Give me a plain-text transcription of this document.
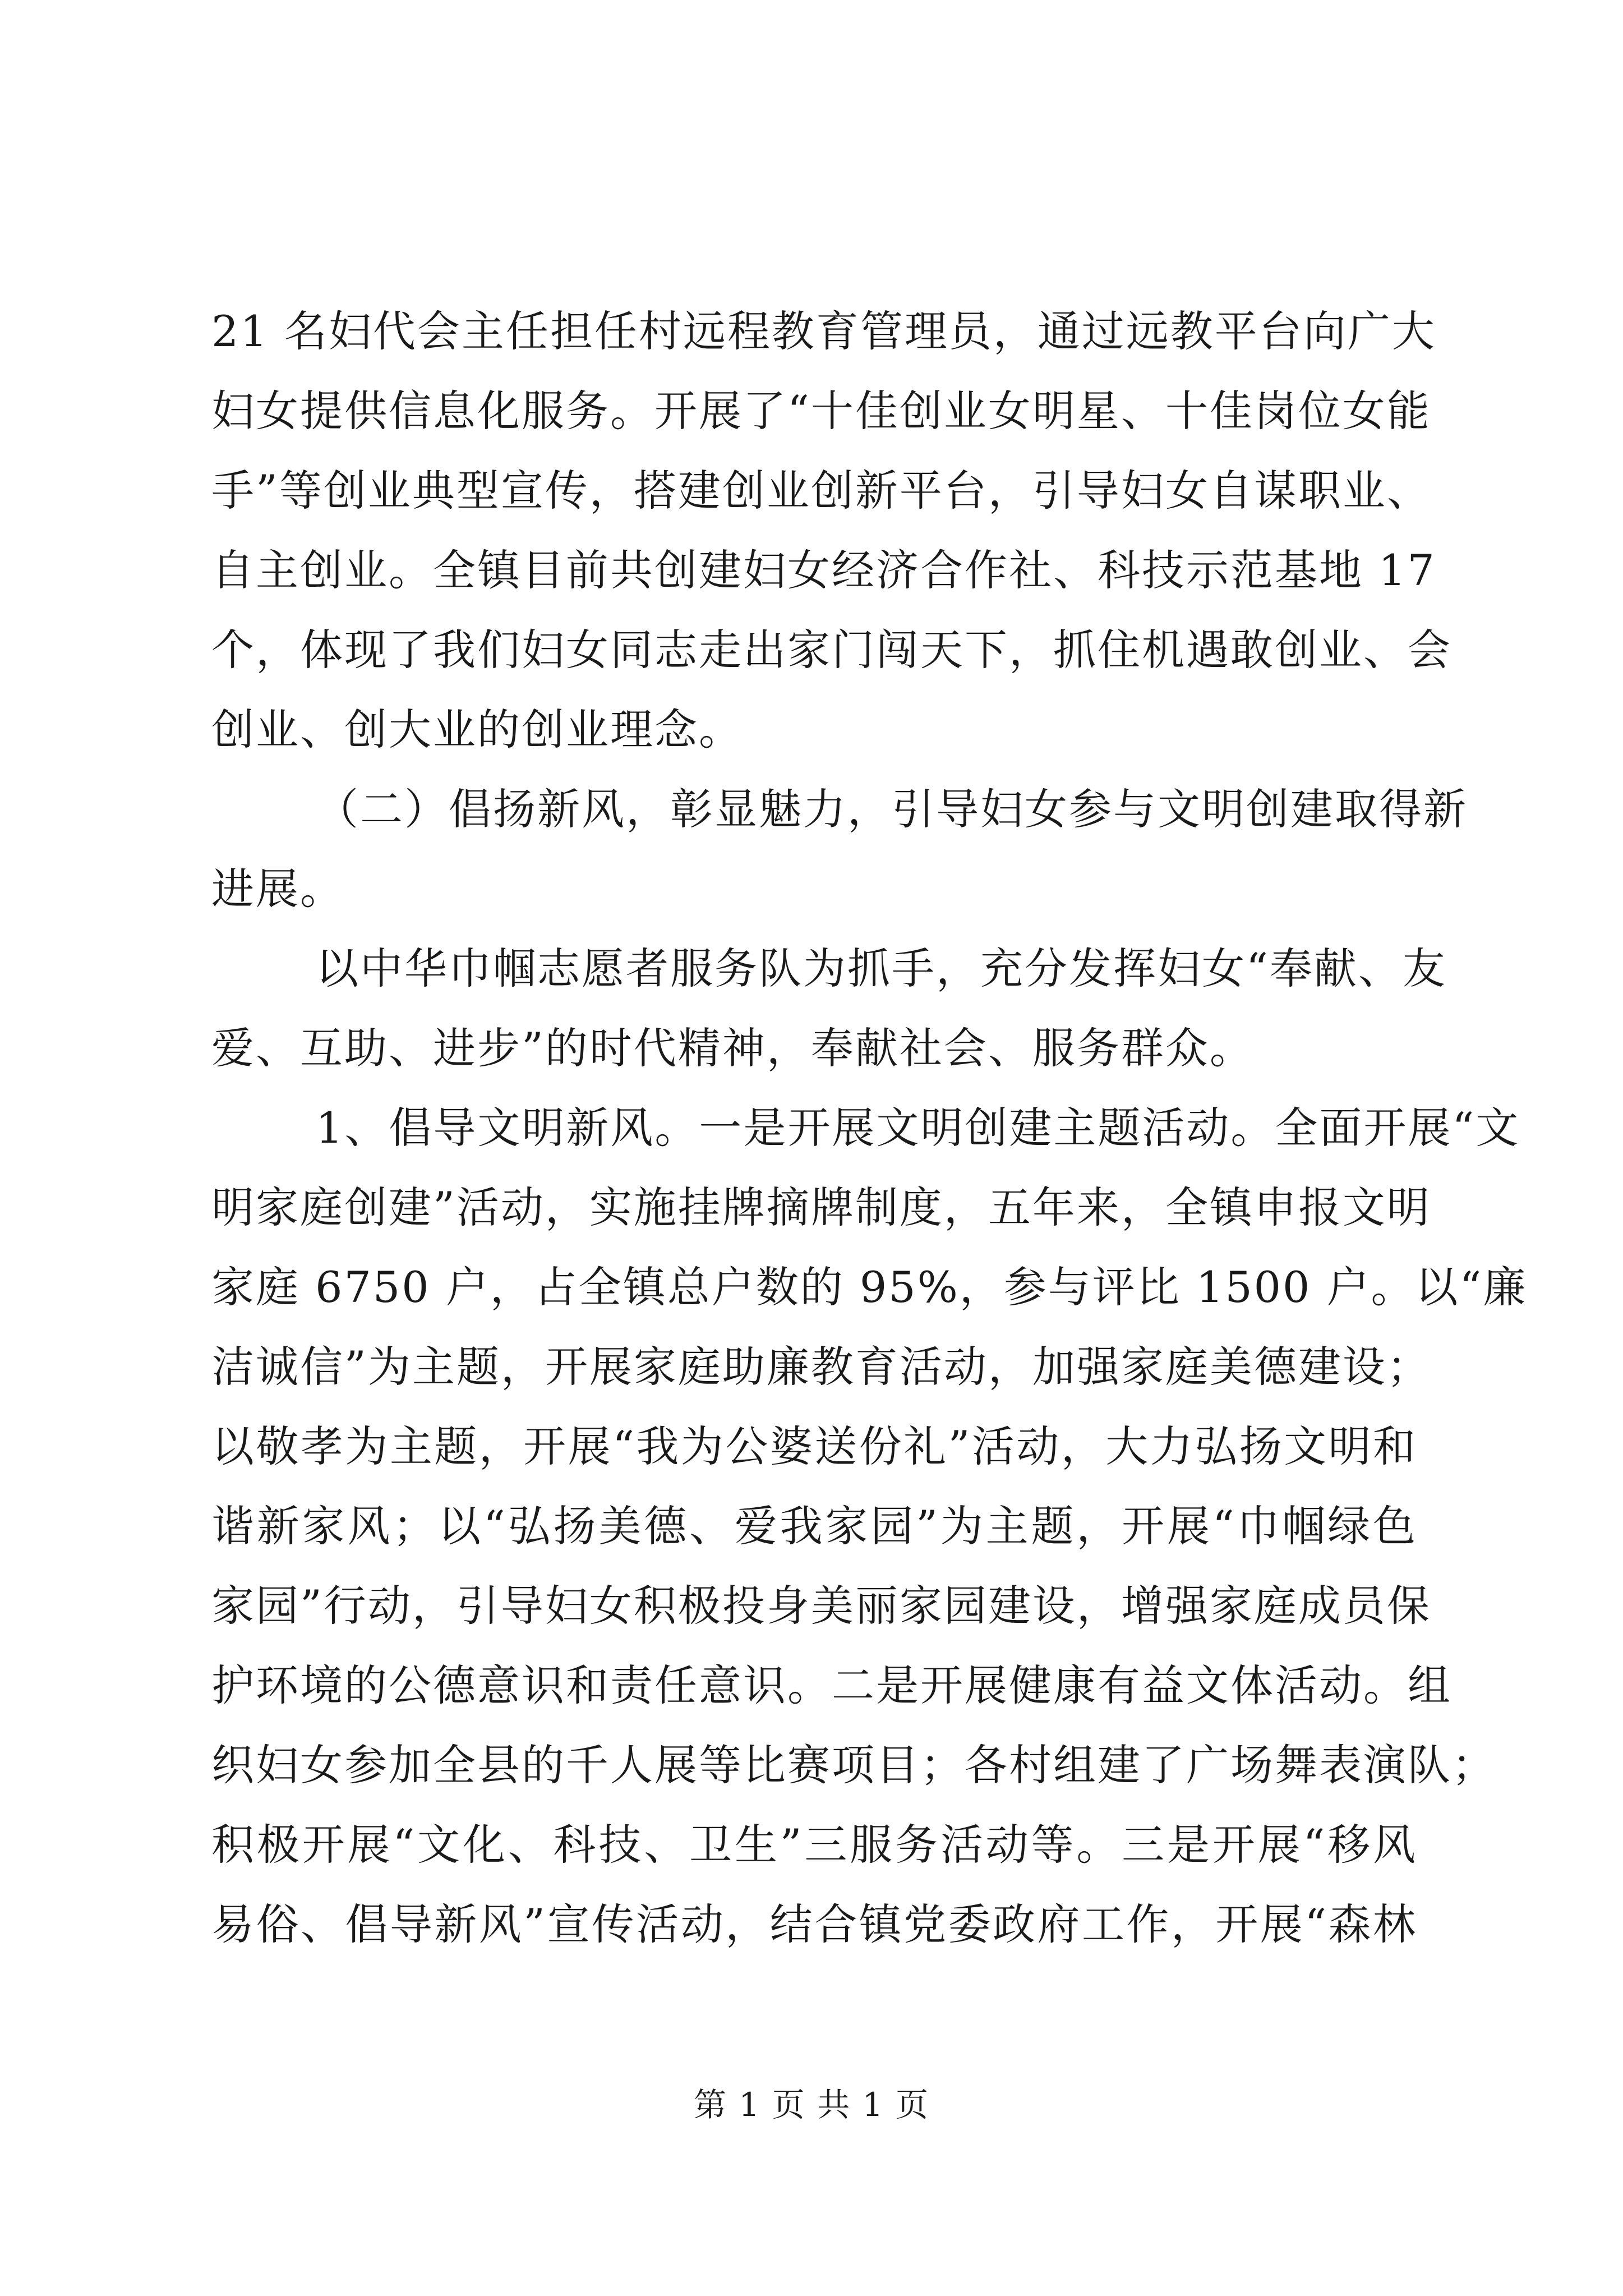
21 名妇代会主任担任村远程教育管理员，通过远教平台向广大
妇女提供信息化服务。开展了“十佳创业女明星、十佳岗位女能
手”等创业典型宣传，搭建创业创新平台，引导妇女自谋职业、
自主创业。全镇目前共创建妇女经济合作社、科技示范基地 17
个，体现了我们妇女同志走出家门闯天下，抓住机遇敢创业、会
创业、创大业的创业理念。
（二）倡扬新风，彰显魅力，引导妇女参与文明创建取得新
进展。
以中华巾帼志愿者服务队为抓手，充分发挥妇女“奉献、友
爱、互助、进步”的时代精神，奉献社会、服务群众。
1、倡导文明新风。一是开展文明创建主题活动。全面开展“文
明家庭创建”活动，实施挂牌摘牌制度，五年来，全镇申报文明
家庭 6750 户，占全镇总户数的 95%，参与评比 1500 户。以“廉
洁诚信”为主题，开展家庭助廉教育活动，加强家庭美德建设；
以敬孝为主题，开展“我为公婆送份礼”活动，大力弘扬文明和
谐新家风；以“弘扬美德、爱我家园”为主题，开展“巾帼绿色
家园”行动，引导妇女积极投身美丽家园建设，增强家庭成员保
护环境的公德意识和责任意识。二是开展健康有益文体活动。组
织妇女参加全县的千人展等比赛项目；各村组建了广场舞表演队；
积极开展“文化、科技、卫生”三服务活动等。三是开展“移风
易俗、倡导新风”宣传活动，结合镇党委政府工作，开展“森林
第 1 页 共 1 页
